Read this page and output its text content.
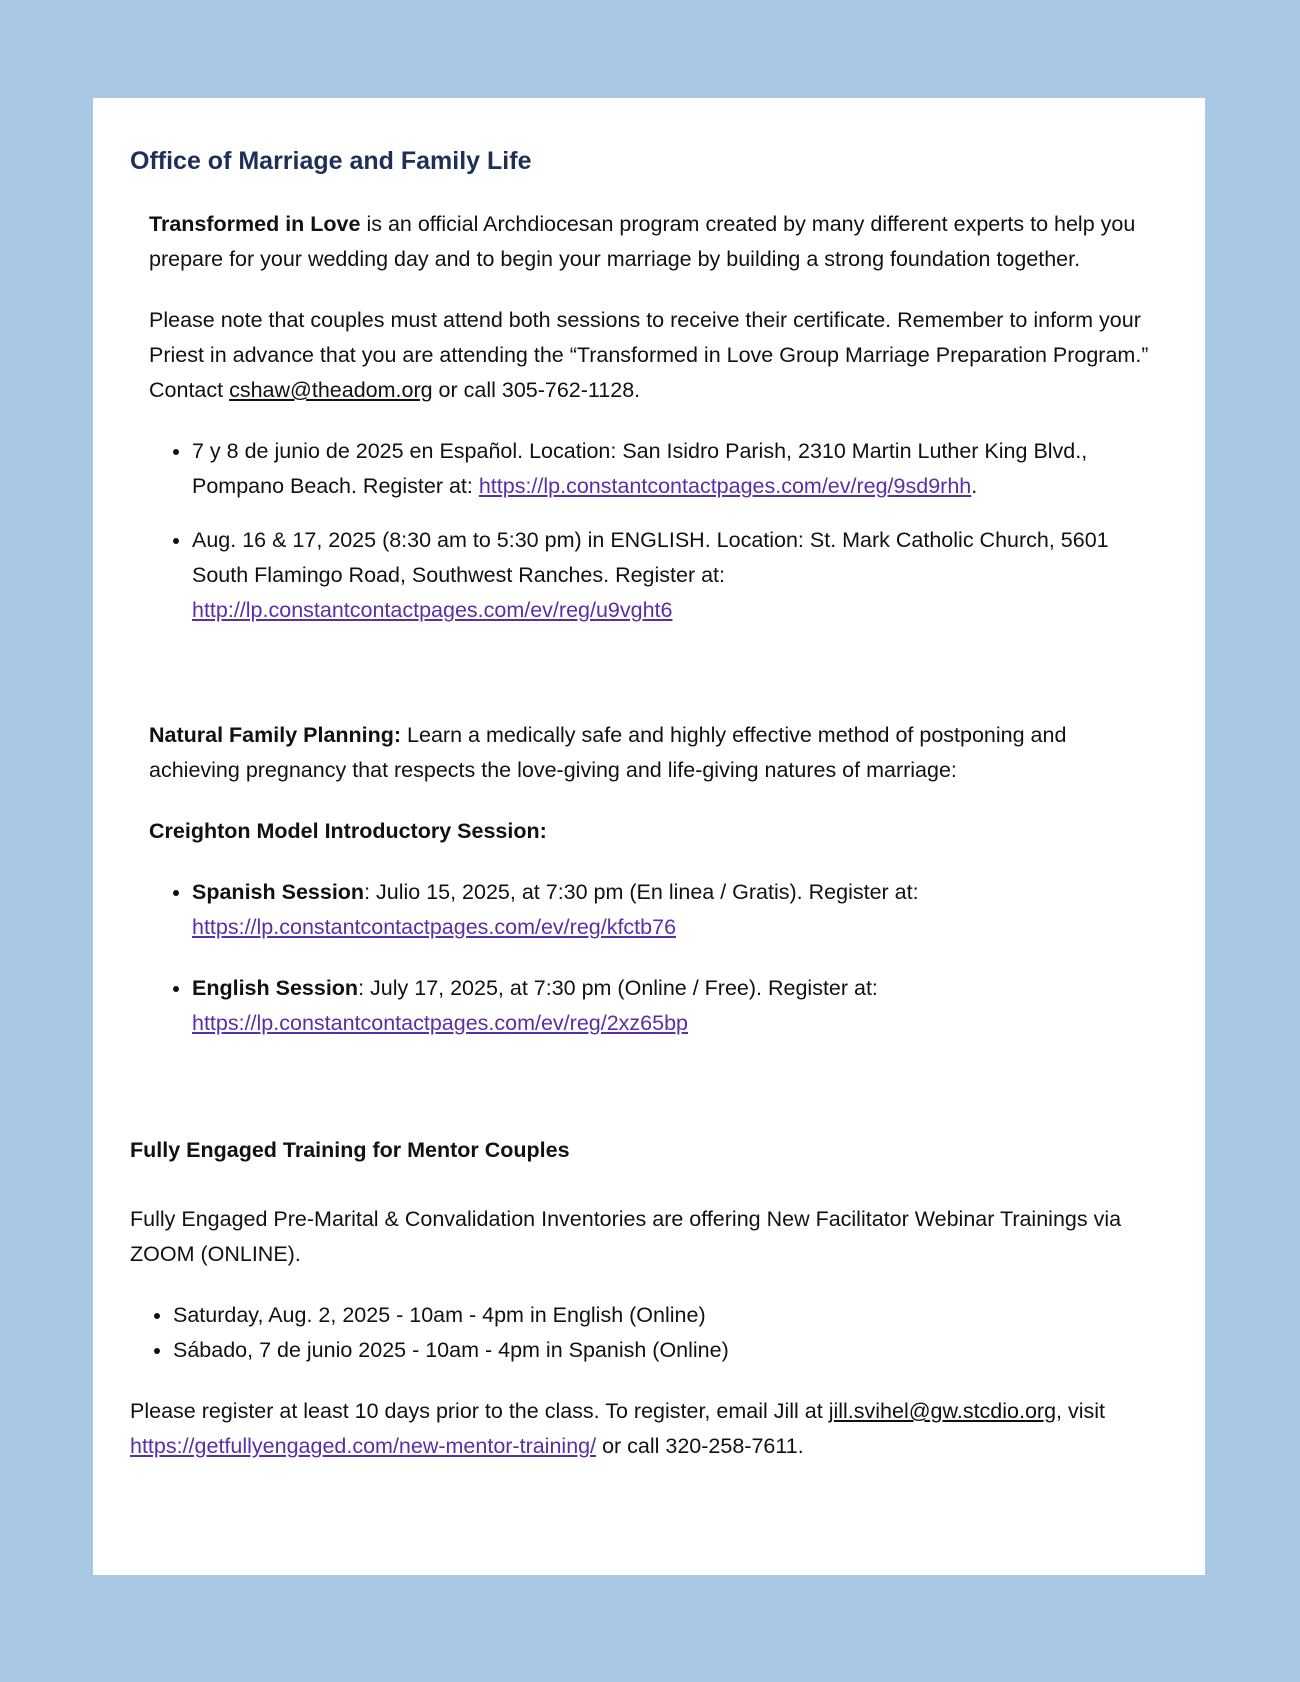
Office of Marriage and Family Life

Transformed in Love is an official Archdiocesan program created by many different experts to help you prepare for your wedding day and to begin your marriage by building a strong foundation together.

Please note that couples must attend both sessions to receive their certificate. Remember to inform your Priest in advance that you are attending the “Transformed in Love Group Marriage Preparation Program.” Contact cshaw@theadom.org or call 305-762-1128.

• 7 y 8 de junio de 2025 en Español. Location: San Isidro Parish, 2310 Martin Luther King Blvd., Pompano Beach. Register at: https://lp.constantcontactpages.com/ev/reg/9sd9rhh.
• Aug. 16 & 17, 2025 (8:30 am to 5:30 pm) in ENGLISH. Location: St. Mark Catholic Church, 5601 South Flamingo Road, Southwest Ranches. Register at: http://lp.constantcontactpages.com/ev/reg/u9vght6

Natural Family Planning: Learn a medically safe and highly effective method of postponing and achieving pregnancy that respects the love-giving and life-giving natures of marriage:

Creighton Model Introductory Session:

• Spanish Session: Julio 15, 2025, at 7:30 pm (En linea / Gratis). Register at: https://lp.constantcontactpages.com/ev/reg/kfctb76
• English Session: July 17, 2025, at 7:30 pm (Online / Free). Register at: https://lp.constantcontactpages.com/ev/reg/2xz65bp

Fully Engaged Training for Mentor Couples

Fully Engaged Pre-Marital & Convalidation Inventories are offering New Facilitator Webinar Trainings via ZOOM (ONLINE).

• Saturday, Aug. 2, 2025 - 10am - 4pm in English (Online)
• Sábado, 7 de junio 2025 - 10am - 4pm in Spanish (Online)

Please register at least 10 days prior to the class. To register, email Jill at jill.svihel@gw.stcdio.org, visit https://getfullyengaged.com/new-mentor-training/ or call 320-258-7611.
